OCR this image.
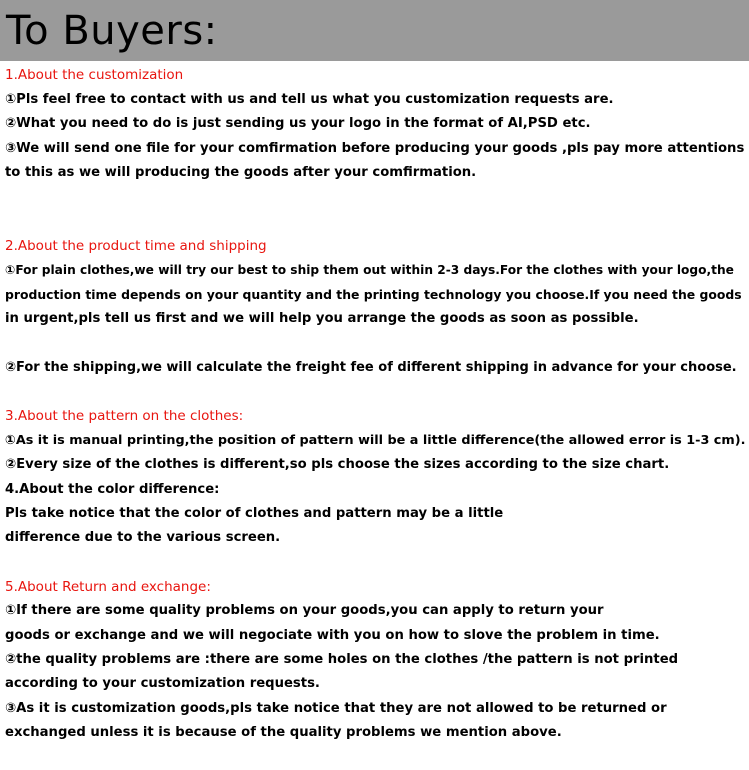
To Buyers:
1.About the customization
①Pls feel free to contact with us and tell us what you customization requests are.
②What you need to do is just sending us your logo in the format of AI,PSD etc.
③We will send one file for your comfirmation before producing your goods ,pls pay more attentions
to this as we will producing the goods after your comfirmation.
2.About the product time and shipping
①For plain clothes,we will try our best to ship them out within 2-3 days.For the clothes with your logo,the
production time depends on your quantity and the printing technology you choose.If you need the goods
in urgent,pls tell us first and we will help you arrange the goods as soon as possible.
②For the shipping,we will calculate the freight fee of different shipping in advance for your choose.
3.About the pattern on the clothes:
①As it is manual printing,the position of pattern will be a little difference(the allowed error is 1-3 cm).
②Every size of the clothes is different,so pls choose the sizes according to the size chart.
4.About the color difference:
Pls take notice that the color of clothes and pattern may be a little
difference due to the various screen.
5.About Return and exchange:
①If there are some quality problems on your goods,you can apply to return your
goods or exchange and we will negociate with you on how to slove the problem in time.
②the quality problems are :there are some holes on the clothes /the pattern is not printed
according to your customization requests.
③As it is customization goods,pls take notice that they are not allowed to be returned or
exchanged unless it is because of the quality problems we mention above.
